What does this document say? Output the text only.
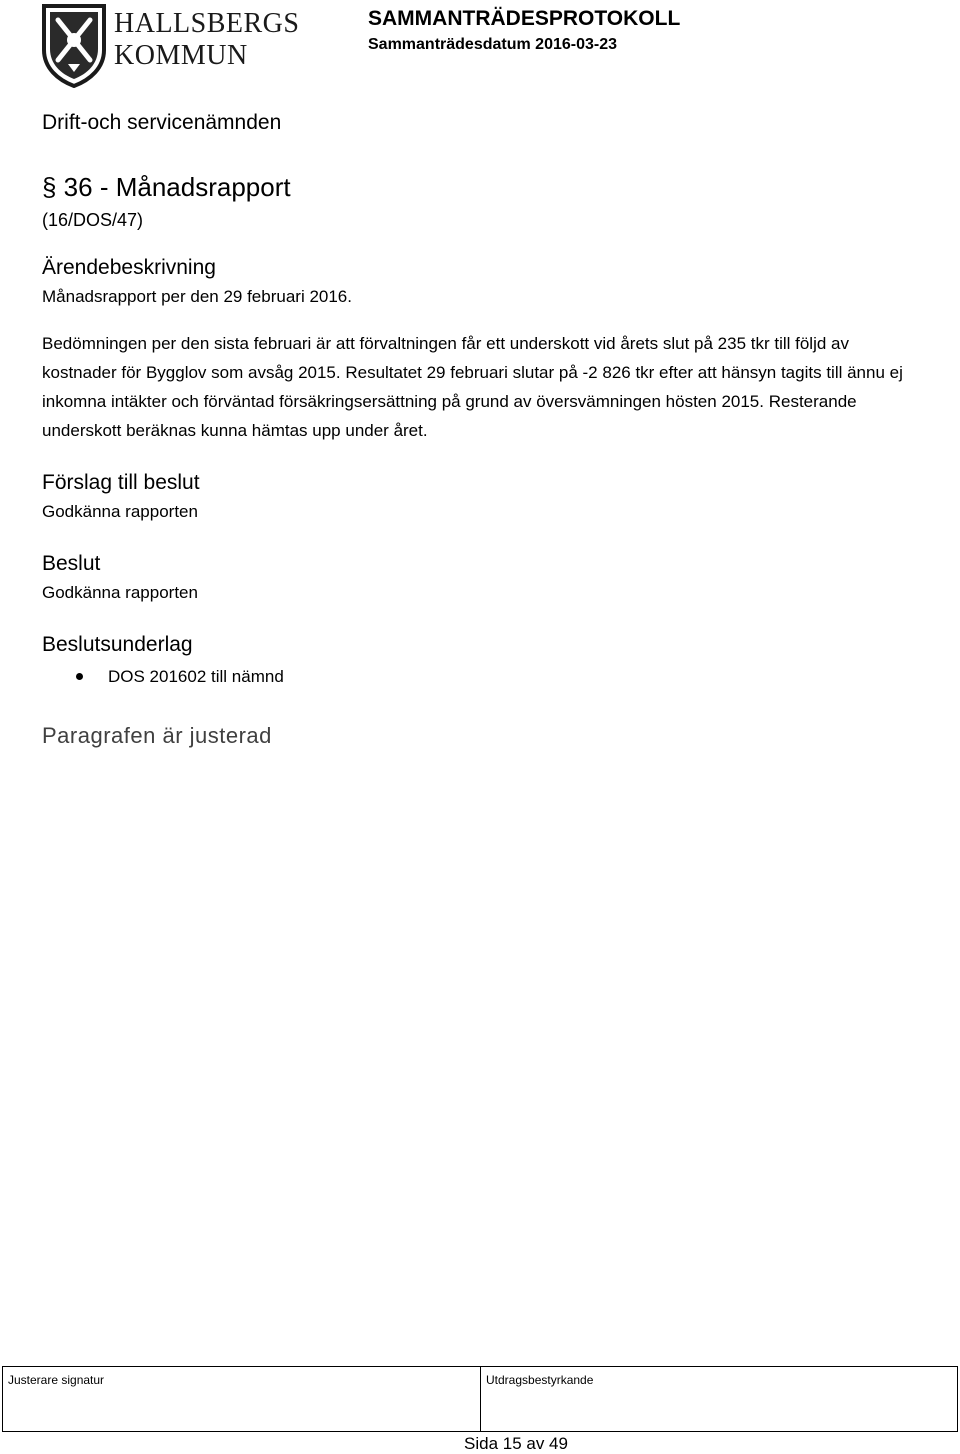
HALLSBERGS
KOMMUN
SAMMANTRÄDESPROTOKOLL
Sammanträdesdatum 2016-03-23

Drift-och servicenämnden

§ 36 - Månadsrapport

(16/DOS/47)

Ärendebeskrivning

Månadsrapport per den 29 februari 2016.

Bedömningen per den sista februari är att förvaltningen får ett underskott vid årets slut på 235 tkr till följd av kostnader för Bygglov som avsåg 2015. Resultatet 29 februari slutar på -2 826 tkr efter att hänsyn tagits till ännu ej inkomna intäkter och förväntad försäkringsersättning på grund av översvämningen hösten 2015. Resterande underskott beräknas kunna hämtas upp under året.

Förslag till beslut

Godkänna rapporten

Beslut

Godkänna rapporten

Beslutsunderlag

DOS 201602 till nämnd

Paragrafen är justerad

Justerare signatur	Utdragsbestyrkande
Sida 15 av 49
